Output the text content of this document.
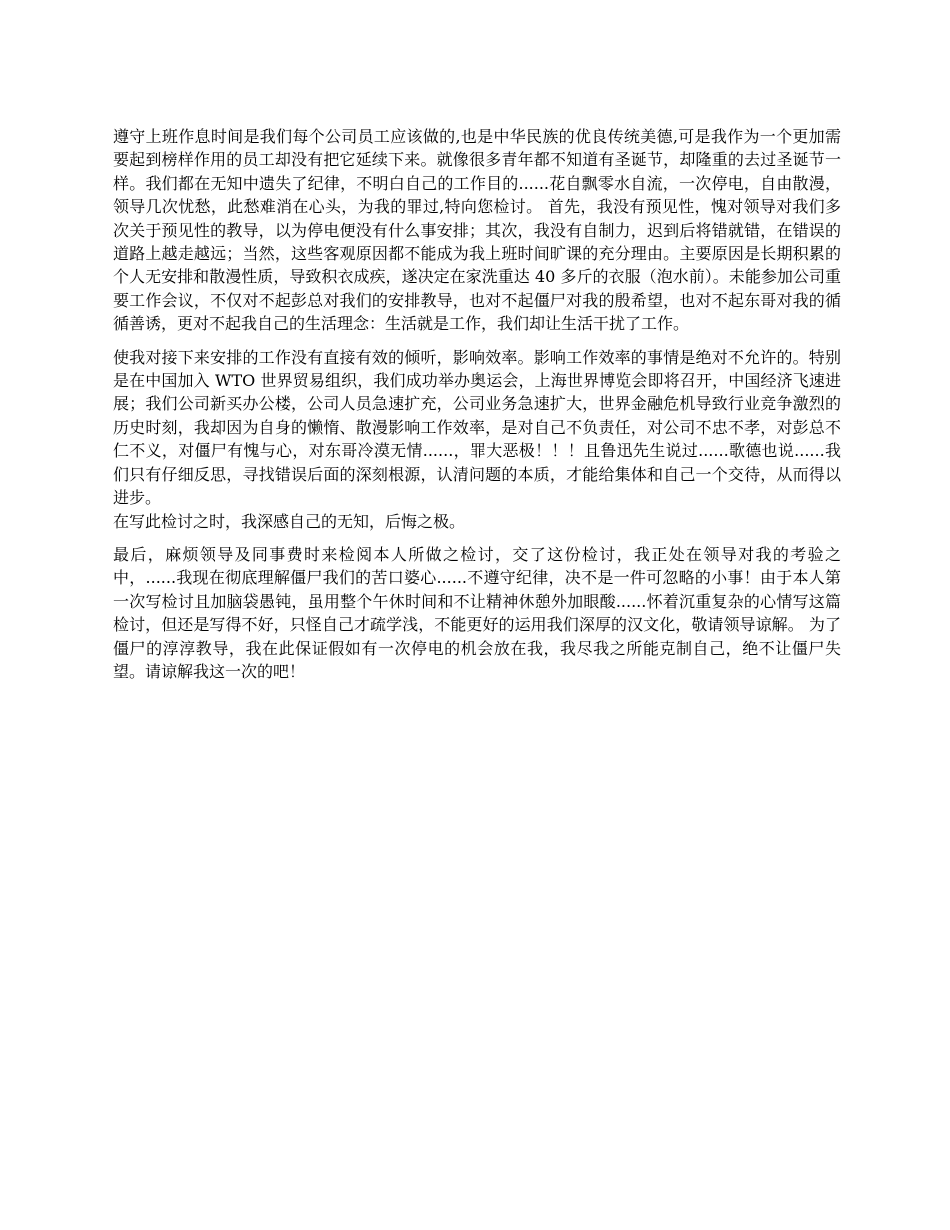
遵守上班作息时间是我们每个公司员工应该做的,也是中华民族的优良传统美德,可是我作为一个更加需要起到榜样作用的员工却没有把它延续下来。就像很多青年都不知道有圣诞节，却隆重的去过圣诞节一样。我们都在无知中遗失了纪律，不明白自己的工作目的......花自飘零水自流，一次停电，自由散漫，领导几次忧愁，此愁难消在心头，为我的罪过,特向您检讨。 首先，我没有预见性，愧对领导对我们多次关于预见性的教导，以为停电便没有什么事安排；其次，我没有自制力，迟到后将错就错，在错误的道路上越走越远；当然，这些客观原因都不能成为我上班时间旷课的充分理由。主要原因是长期积累的个人无安排和散漫性质，导致积衣成疾，遂决定在家洗重达 40 多斤的衣服（泡水前）。未能参加公司重要工作会议，不仅对不起彭总对我们的安排教导，也对不起僵尸对我的殷希望，也对不起东哥对我的循循善诱，更对不起我自己的生活理念：生活就是工作，我们却让生活干扰了工作。

使我对接下来安排的工作没有直接有效的倾听，影响效率。影响工作效率的事情是绝对不允许的。特别是在中国加入 WTO 世界贸易组织，我们成功举办奥运会，上海世界博览会即将召开，中国经济飞速进展；我们公司新买办公楼，公司人员急速扩充，公司业务急速扩大，世界金融危机导致行业竞争激烈的历史时刻，我却因为自身的懒惰、散漫影响工作效率，是对自己不负责任，对公司不忠不孝，对彭总不仁不义，对僵尸有愧与心，对东哥冷漠无情......，罪大恶极！！！且鲁迅先生说过......歌德也说......我们只有仔细反思，寻找错误后面的深刻根源，认清问题的本质，才能给集体和自己一个交待，从而得以进步。
在写此检讨之时，我深感自己的无知，后悔之极。

最后，麻烦领导及同事费时来检阅本人所做之检讨，交了这份检讨，我正处在领导对我的考验之中，......我现在彻底理解僵尸我们的苦口婆心......不遵守纪律，决不是一件可忽略的小事！由于本人第一次写检讨且加脑袋愚钝，虽用整个午休时间和不让精神休憩外加眼酸......怀着沉重复杂的心情写这篇检讨，但还是写得不好，只怪自己才疏学浅，不能更好的运用我们深厚的汉文化，敬请领导谅解。 为了僵尸的淳淳教导，我在此保证假如有一次停电的机会放在我，我尽我之所能克制自己，绝不让僵尸失望。请谅解我这一次的吧！
